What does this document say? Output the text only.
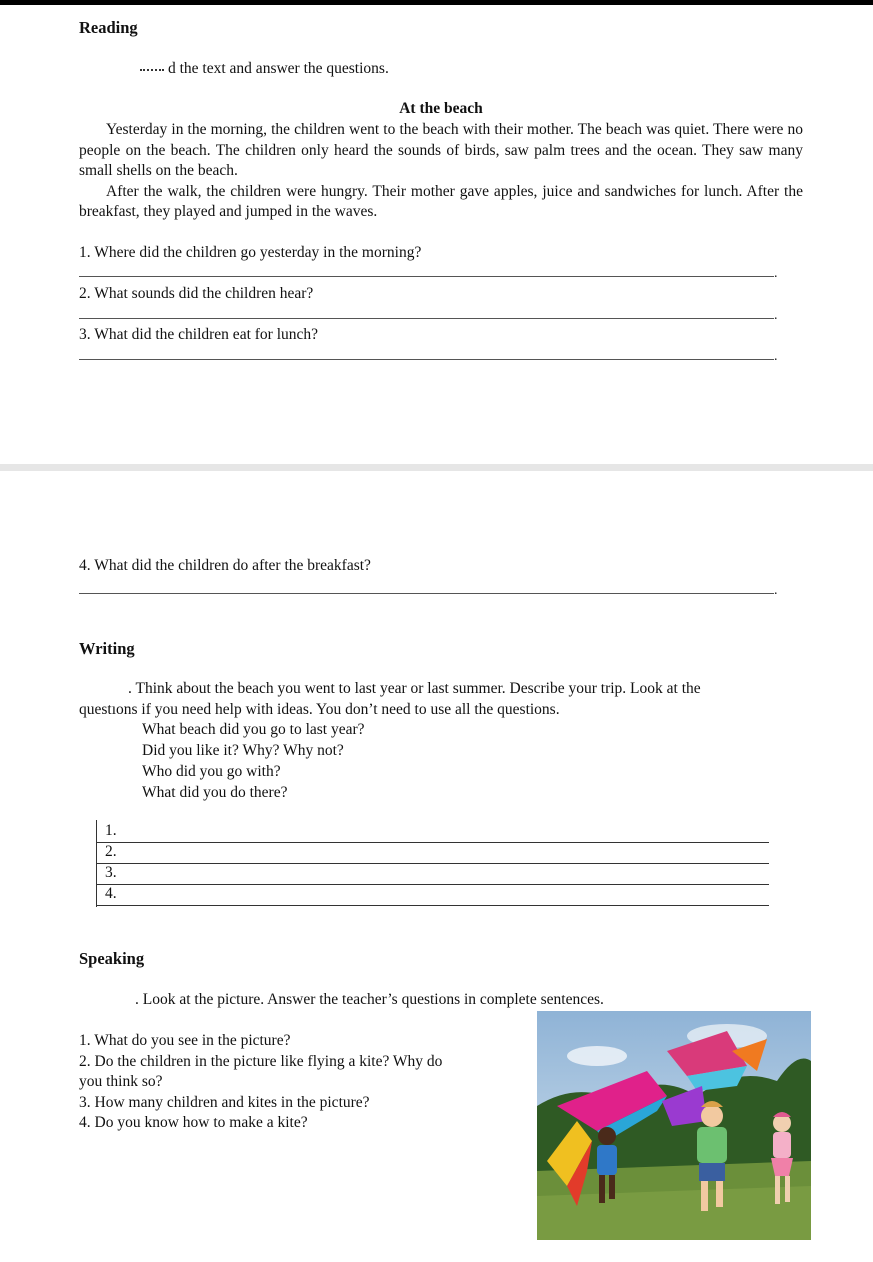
Reading
d the text and answer the questions.
At the beach

Yesterday in the morning, the children went to the beach with their mother. The beach was quiet. There were no people on the beach. The children only heard the sounds of birds, saw palm trees and the ocean. They saw many small shells on the beach.

After the walk, the children were hungry. Their mother gave apples, juice and sandwiches for lunch. After the breakfast, they played and jumped in the waves.

1. Where did the children go yesterday in the morning?
.
2. What sounds did the children hear?
.
3. What did the children eat for lunch?
.
4. What did the children do after the breakfast?
.
Writing
. Think about the beach you went to last year or last summer. Describe your trip. Look at the
questıons if you need help with ideas. You don’t need to use all the questions.
What beach did you go to last year?
Did you like it? Why? Why not?
Who did you go with?
What did you do there?
1.
2.
3.
4.
Speaking
. Look at the picture. Answer the teacher’s questions in complete sentences.
1. What do you see in the picture?
2. Do the children in the picture like flying a kite? Why do
you think so?
3. How many children and kites in the picture?
4. Do you know how to make a kite?
